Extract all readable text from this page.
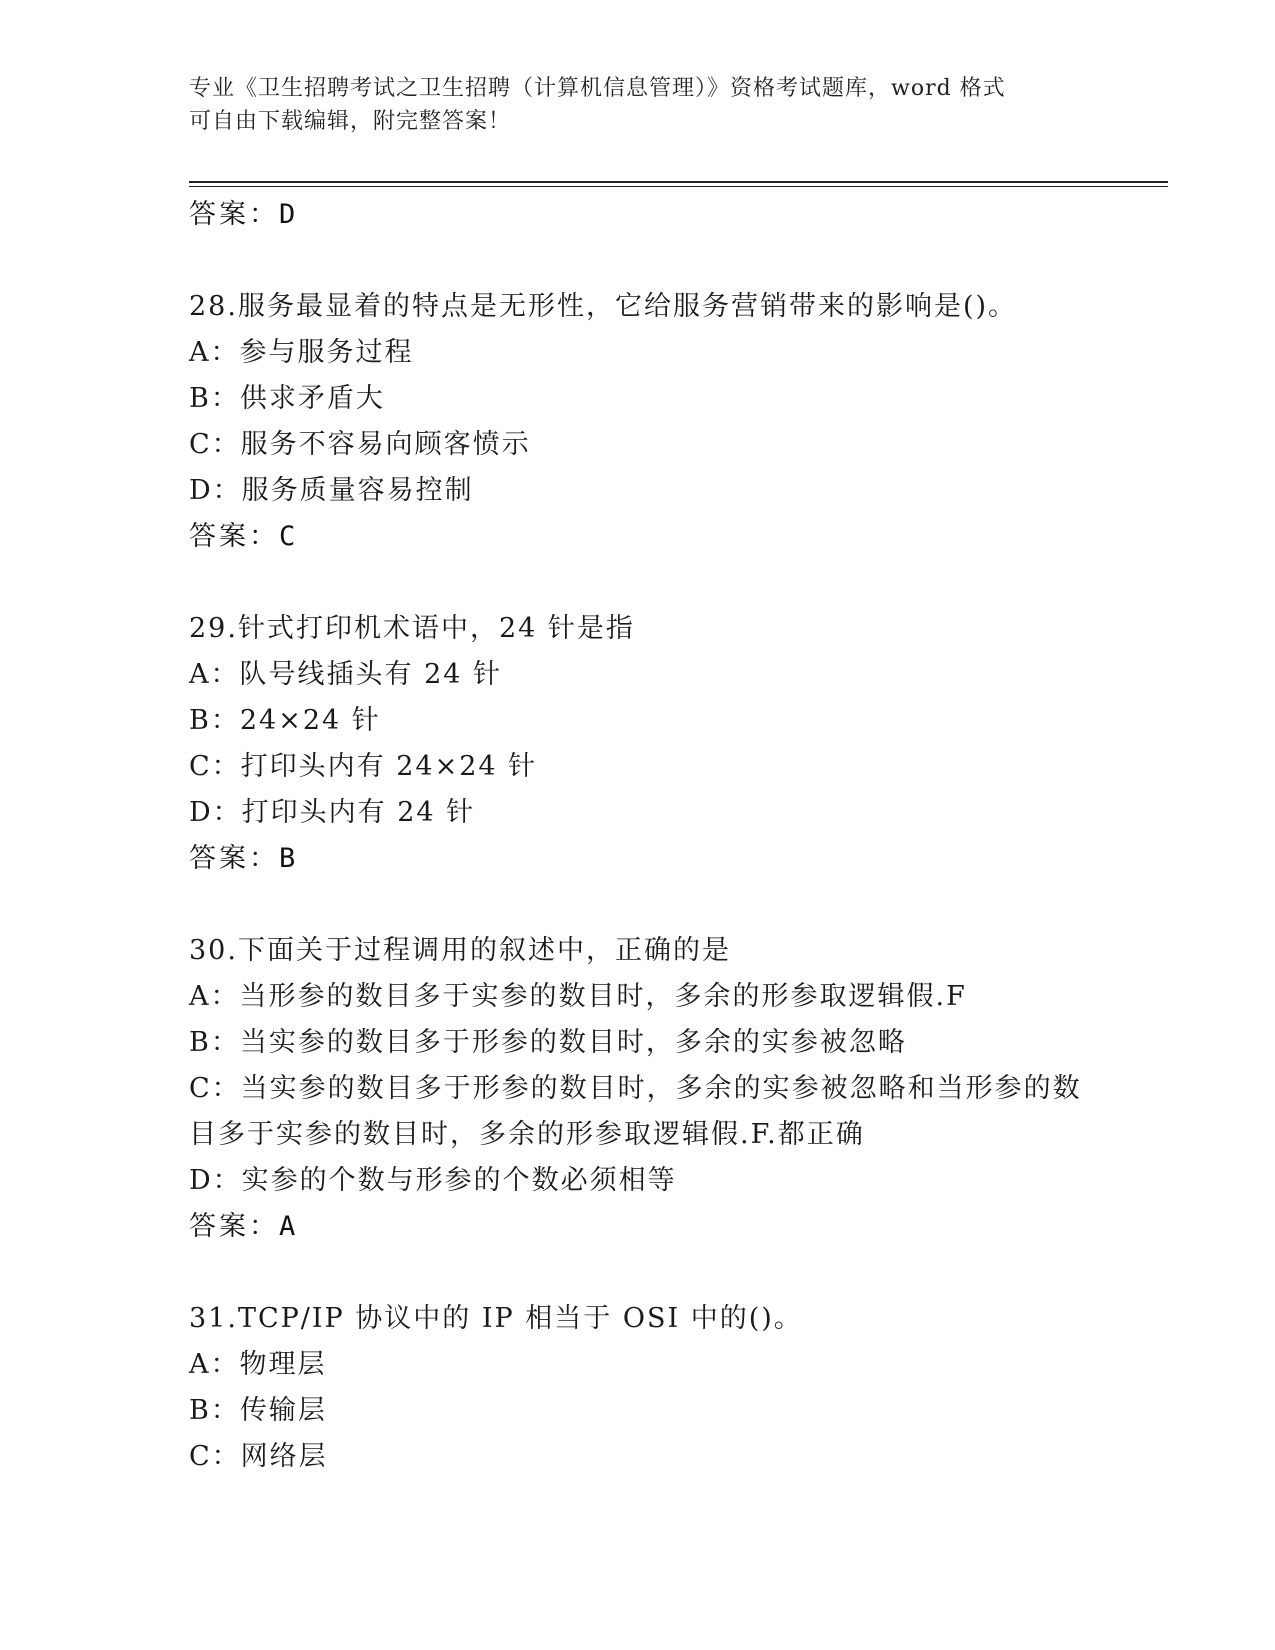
专业《卫生招聘考试之卫生招聘（计算机信息管理）》资格考试题库，word 格式
可自由下载编辑，附完整答案！
答案：D
28.服务最显着的特点是无形性，它给服务营销带来的影响是()。
A：参与服务过程
B：供求矛盾大
C：服务不容易向顾客愤示
D：服务质量容易控制
答案：C
29.针式打印机术语中，24 针是指
A：队号线插头有 24 针
B：24×24 针
C：打印头内有 24×24 针
D：打印头内有 24 针
答案：B
30.下面关于过程调用的叙述中，正确的是
A：当形参的数目多于实参的数目时，多余的形参取逻辑假.F
B：当实参的数目多于形参的数目时，多余的实参被忽略
C：当实参的数目多于形参的数目时，多余的实参被忽略和当形参的数
目多于实参的数目时，多余的形参取逻辑假.F.都正确
D：实参的个数与形参的个数必须相等
答案：A
31.TCP/IP 协议中的 IP 相当于 OSI 中的()。
A：物理层
B：传输层
C：网络层
